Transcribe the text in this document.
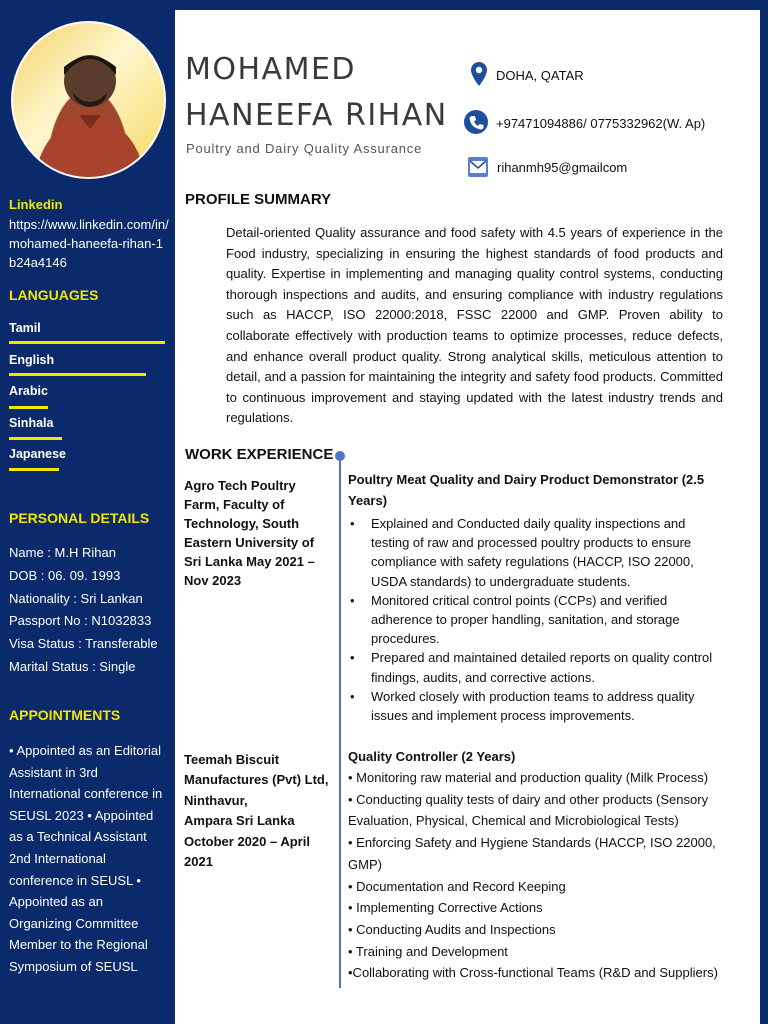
Linkedin
https://www.linkedin.com/in/mohamed-haneefa-rihan-1b24a4146
LANGUAGES
Tamil
English
Arabic
Sinhala
Japanese
PERSONAL DETAILS
Name : M.H Rihan
DOB : 06. 09. 1993
Nationality : Sri Lankan
Passport No : N1032833
Visa Status : Transferable
Marital Status : Single
APPOINTMENTS
• Appointed as an Editorial Assistant in 3rd International conference in SEUSL 2023 • Appointed as a Technical Assistant 2nd International conference in SEUSL • Appointed as an Organizing Committee Member to the Regional Symposium of SEUSL
MOHAMED
HANEEFA RIHAN
Poultry and Dairy Quality Assurance
DOHA, QATAR
+97471094886/ 0775332962(W. Ap)
rihanmh95@gmailcom
PROFILE SUMMARY
Detail-oriented Quality assurance and food safety with 4.5 years of experience in the Food industry, specializing in ensuring the highest standards of food products and quality. Expertise in implementing and managing quality control systems, conducting thorough inspections and audits, and ensuring compliance with industry regulations such as HACCP, ISO 22000:2018, FSSC 22000 and GMP. Proven ability to collaborate effectively with production teams to optimize processes, reduce defects, and enhance overall product quality. Strong analytical skills, meticulous attention to detail, and a passion for maintaining the integrity and safety food products. Committed to continuous improvement and staying updated with the latest industry trends and regulations.
WORK EXPERIENCE
Agro Tech Poultry Farm, Faculty of Technology, South Eastern University of Sri Lanka May 2021 – Nov 2023
Poultry Meat Quality and Dairy Product Demonstrator (2.5 Years)
• Explained and Conducted daily quality inspections and testing of raw and processed poultry products to ensure compliance with safety regulations (HACCP, ISO 22000, USDA standards) to undergraduate students.
• Monitored critical control points (CCPs) and verified adherence to proper handling, sanitation, and storage procedures.
• Prepared and maintained detailed reports on quality control findings, audits, and corrective actions.
• Worked closely with production teams to address quality issues and implement process improvements.
Teemah Biscuit
Manufactures (Pvt) Ltd,
Ninthavur,
Ampara Sri Lanka
October 2020 – April
2021
Quality Controller (2 Years)
• Monitoring raw material and production quality (Milk Process)
• Conducting quality tests of dairy and other products (Sensory
Evaluation, Physical, Chemical and Microbiological Tests)
• Enforcing Safety and Hygiene Standards (HACCP, ISO 22000,
GMP)
• Documentation and Record Keeping
• Implementing Corrective Actions
• Conducting Audits and Inspections
• Training and Development
•Collaborating with Cross-functional Teams (R&D and Suppliers)
